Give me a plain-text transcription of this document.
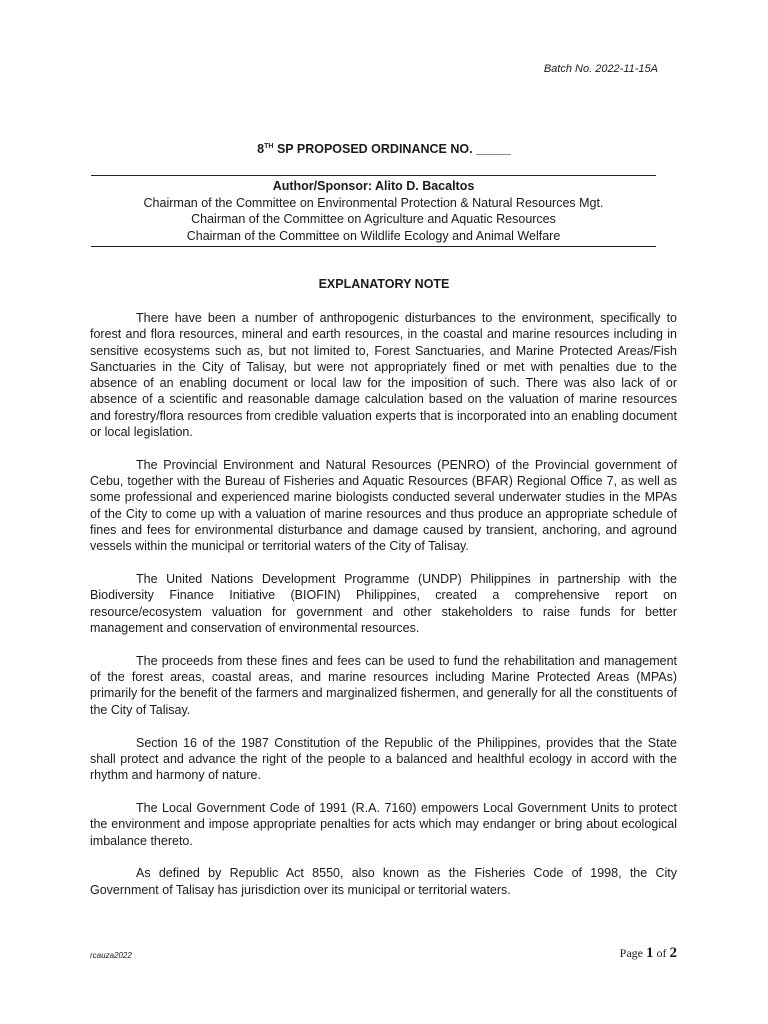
Batch No. 2022-11-15A
8TH SP PROPOSED ORDINANCE NO. _____
Author/Sponsor: Alito D. Bacaltos
Chairman of the Committee on Environmental Protection & Natural Resources Mgt.
Chairman of the Committee on Agriculture and Aquatic Resources
Chairman of the Committee on Wildlife Ecology and Animal Welfare
EXPLANATORY NOTE

There have been a number of anthropogenic disturbances to the environment, specifically to forest and flora resources, mineral and earth resources, in the coastal and marine resources including in sensitive ecosystems such as, but not limited to, Forest Sanctuaries, and Marine Protected Areas/Fish Sanctuaries in the City of Talisay, but were not appropriately fined or met with penalties due to the absence of an enabling document or local law for the imposition of such. There was also lack of or absence of a scientific and reasonable damage calculation based on the valuation of marine resources and forestry/flora resources from credible valuation experts that is incorporated into an enabling document or local legislation.

The Provincial Environment and Natural Resources (PENRO) of the Provincial government of Cebu, together with the Bureau of Fisheries and Aquatic Resources (BFAR) Regional Office 7, as well as some professional and experienced marine biologists conducted several underwater studies in the MPAs of the City to come up with a valuation of marine resources and thus produce an appropriate schedule of fines and fees for environmental disturbance and damage caused by transient, anchoring, and aground vessels within the municipal or territorial waters of the City of Talisay.

The United Nations Development Programme (UNDP) Philippines in partnership with the Biodiversity Finance Initiative (BIOFIN) Philippines, created a comprehensive report on resource/ecosystem valuation for government and other stakeholders to raise funds for better management and conservation of environmental resources.

The proceeds from these fines and fees can be used to fund the rehabilitation and management of the forest areas, coastal areas, and marine resources including Marine Protected Areas (MPAs) primarily for the benefit of the farmers and marginalized fishermen, and generally for all the constituents of the City of Talisay.

Section 16 of the 1987 Constitution of the Republic of the Philippines, provides that the State shall protect and advance the right of the people to a balanced and healthful ecology in accord with the rhythm and harmony of nature.

The Local Government Code of 1991 (R.A. 7160) empowers Local Government Units to protect the environment and impose appropriate penalties for acts which may endanger or bring about ecological imbalance thereto.

As defined by Republic Act 8550, also known as the Fisheries Code of 1998, the City Government of Talisay has jurisdiction over its municipal or territorial waters.

rcauza2022	Page 1 of 2
